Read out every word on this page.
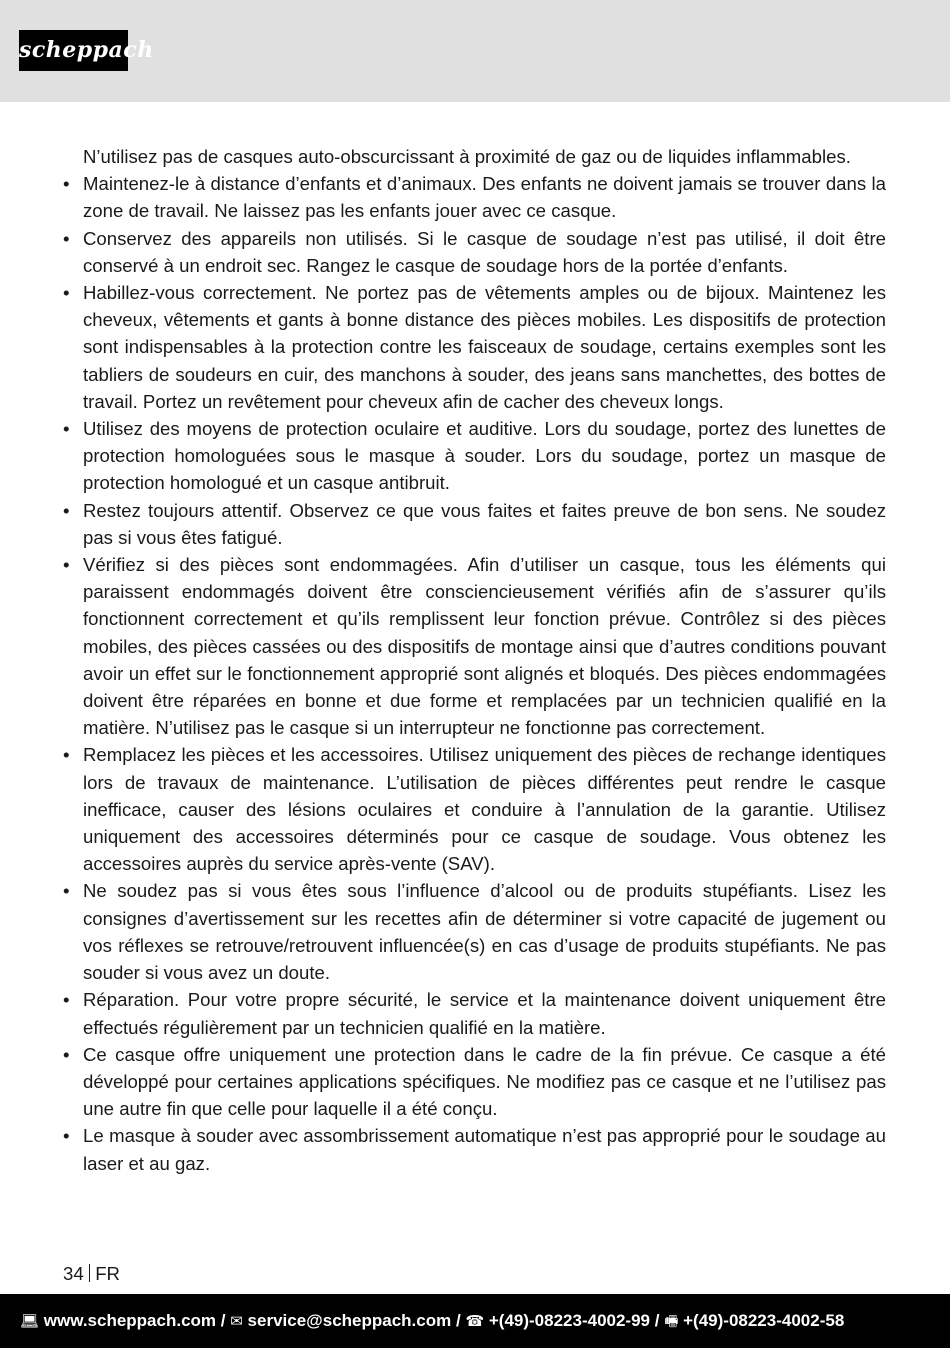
scheppach

N’utilisez pas de casques auto-obscurcissant à proximité de gaz ou de liquides inflammables.

• Maintenez-le à distance d’enfants et d’animaux. Des enfants ne doivent jamais se trouver dans la zone de travail. Ne laissez pas les enfants jouer avec ce casque.

• Conservez des appareils non utilisés. Si le casque de soudage n’est pas utilisé, il doit être conservé à un endroit sec. Rangez le casque de soudage hors de la portée d’enfants.

• Habillez-vous correctement. Ne portez pas de vêtements amples ou de bijoux. Maintenez les cheveux, vêtements et gants à bonne distance des pièces mobiles. Les dispositifs de protection sont indispensables à la protection contre les faisceaux de soudage, certains exemples sont les tabliers de soudeurs en cuir, des manchons à souder, des jeans sans manchettes, des bottes de travail. Portez un revêtement pour cheveux afin de cacher des cheveux longs.

• Utilisez des moyens de protection oculaire et auditive. Lors du soudage, portez des lunettes de protection homologuées sous le masque à souder. Lors du soudage, portez un masque de protection homologué et un casque antibruit.

• Restez toujours attentif. Observez ce que vous faites et faites preuve de bon sens. Ne soudez pas si vous êtes fatigué.

• Vérifiez si des pièces sont endommagées. Afin d’utiliser un casque, tous les éléments qui paraissent endommagés doivent être consciencieusement vérifiés afin de s’assurer qu’ils fonctionnent correctement et qu’ils remplissent leur fonction prévue. Contrôlez si des pièces mobiles, des pièces cassées ou des dispositifs de montage ainsi que d’autres conditions pouvant avoir un effet sur le fonctionnement approprié sont alignés et bloqués. Des pièces endommagées doivent être réparées en bonne et due forme et remplacées par un technicien qualifié en la matière. N’utilisez pas le casque si un interrupteur ne fonctionne pas correctement.

• Remplacez les pièces et les accessoires. Utilisez uniquement des pièces de rechange identiques lors de travaux de maintenance. L’utilisation de pièces différentes peut rendre le casque inefficace, causer des lésions oculaires et conduire à l’annulation de la garantie. Utilisez uniquement des accessoires déterminés pour ce casque de soudage. Vous obtenez les accessoires auprès du service après-vente (SAV).

• Ne soudez pas si vous êtes sous l’influence d’alcool ou de produits stupéfiants. Lisez les consignes d’avertissement sur les recettes afin de déterminer si votre capacité de jugement ou vos réflexes se retrouve/retrouvent influencée(s) en cas d’usage de produits stupéfiants. Ne pas souder si vous avez un doute.

• Réparation. Pour votre propre sécurité, le service et la maintenance doivent uniquement être effectués régulièrement par un technicien qualifié en la matière.

• Ce casque offre uniquement une protection dans le cadre de la fin prévue. Ce casque a été développé pour certaines applications spécifiques. Ne modifiez pas ce casque et ne l’utilisez pas une autre fin que celle pour laquelle il a été conçu.

• Le masque à souder avec assombrissement automatique n’est pas approprié pour le soudage au laser et au gaz.

34 FR
💻︎ www.scheppach.com / ✉︎ service@scheppach.com / ☎︎ +(49)-08223-4002-99 / 🖷︎ +(49)-08223-4002-58
